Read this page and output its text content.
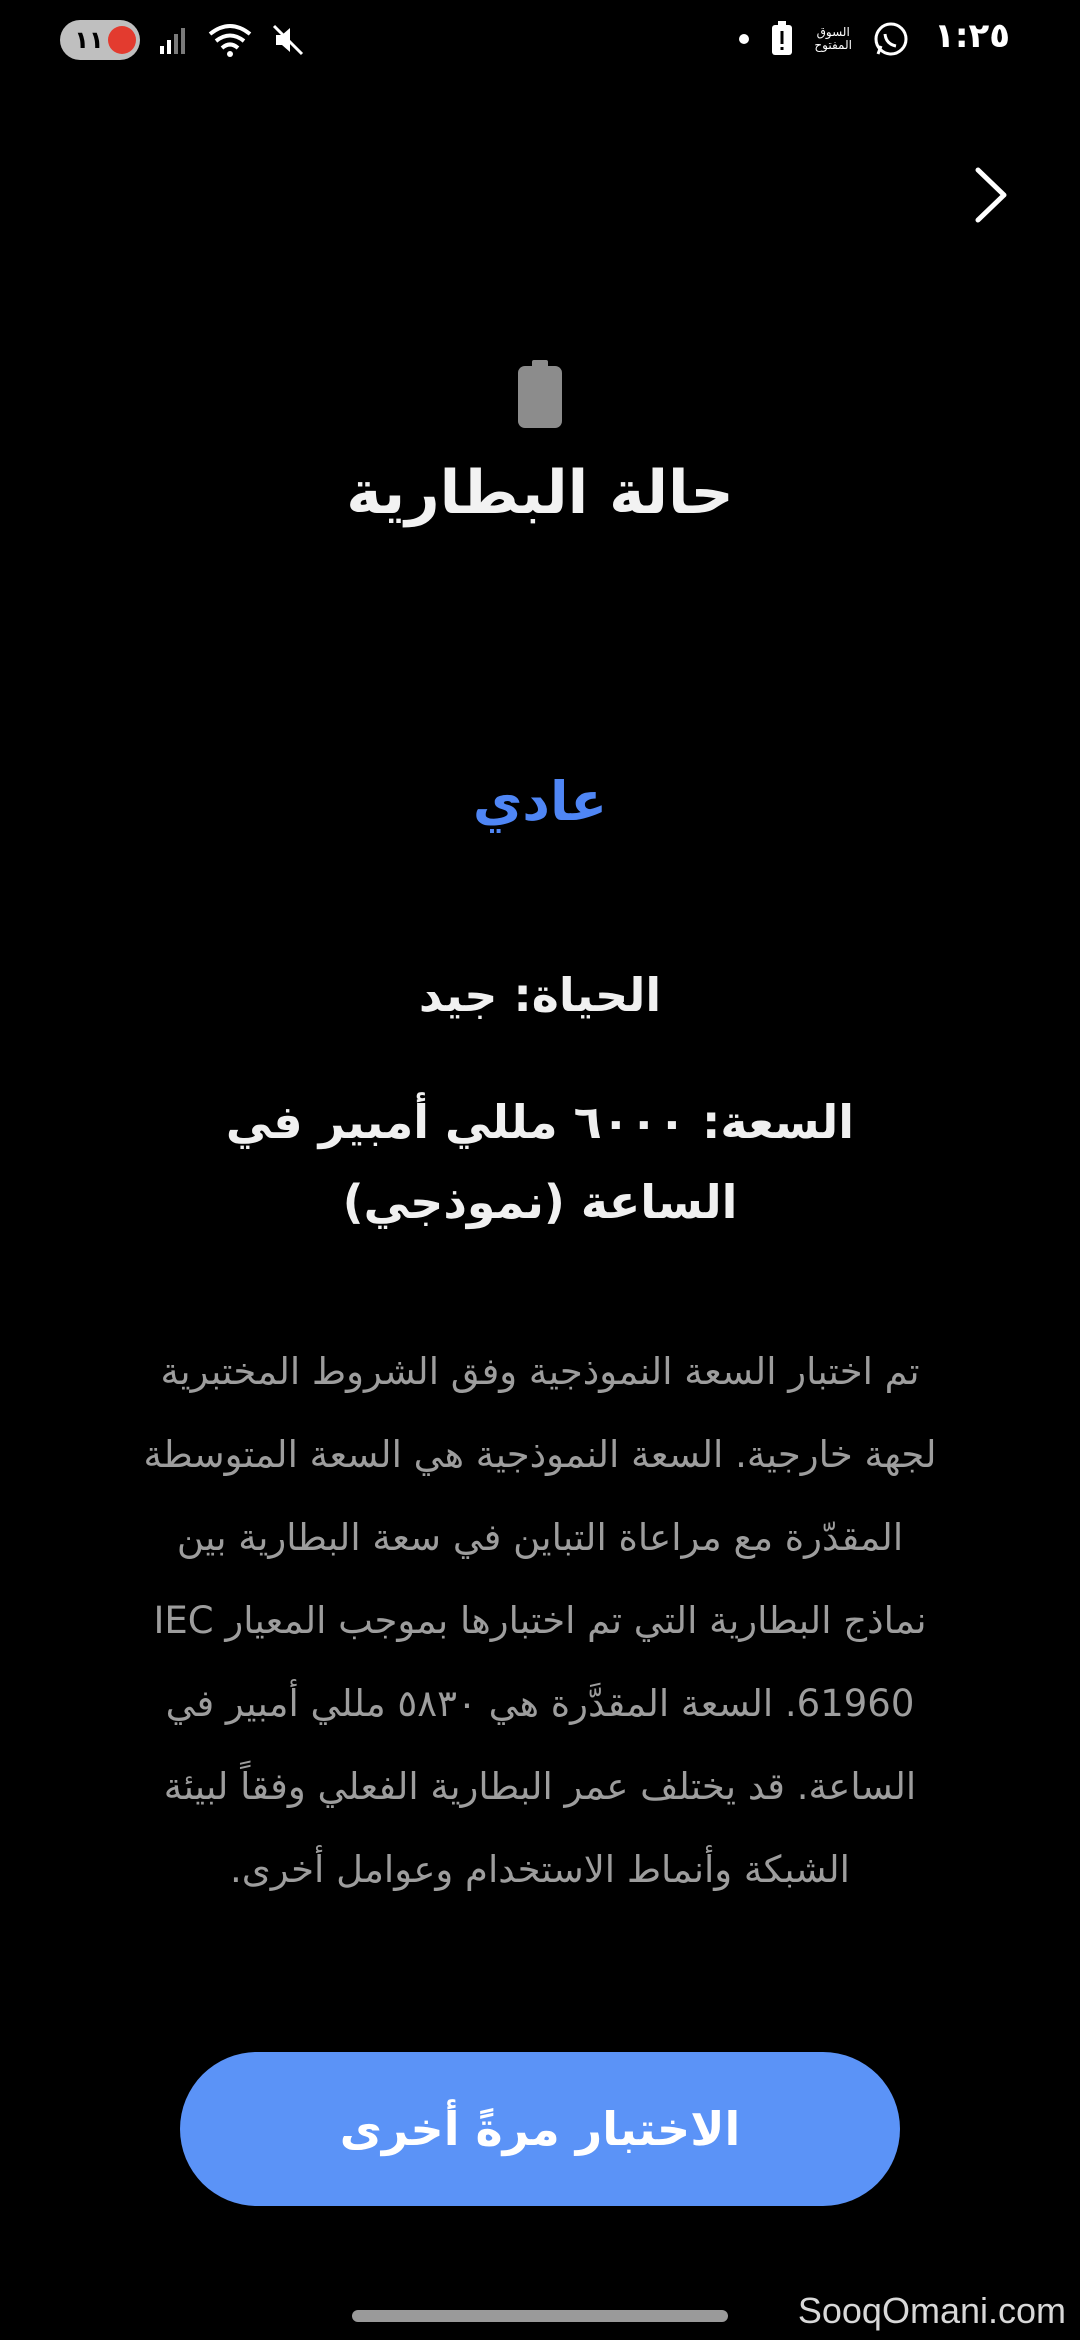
١١	السوق
المفتوح ١:٢٥
حالة البطارية
عادي
الحياة: جيد
السعة: ٦٠٠٠ مللي أمبير في الساعة (نموذجي)
تم اختبار السعة النموذجية وفق الشروط المختبرية لجهة خارجية. السعة النموذجية هي السعة المتوسطة المقدّرة مع مراعاة التباين في سعة البطارية بين نماذج البطارية التي تم اختبارها بموجب المعيار IEC 61960. السعة المقدَّرة هي ٥٨٣٠ مللي أمبير في الساعة. قد يختلف عمر البطارية الفعلي وفقاً لبيئة الشبكة وأنماط الاستخدام وعوامل أخرى.
الاختبار مرةً أخرى
SooqOmani.com
